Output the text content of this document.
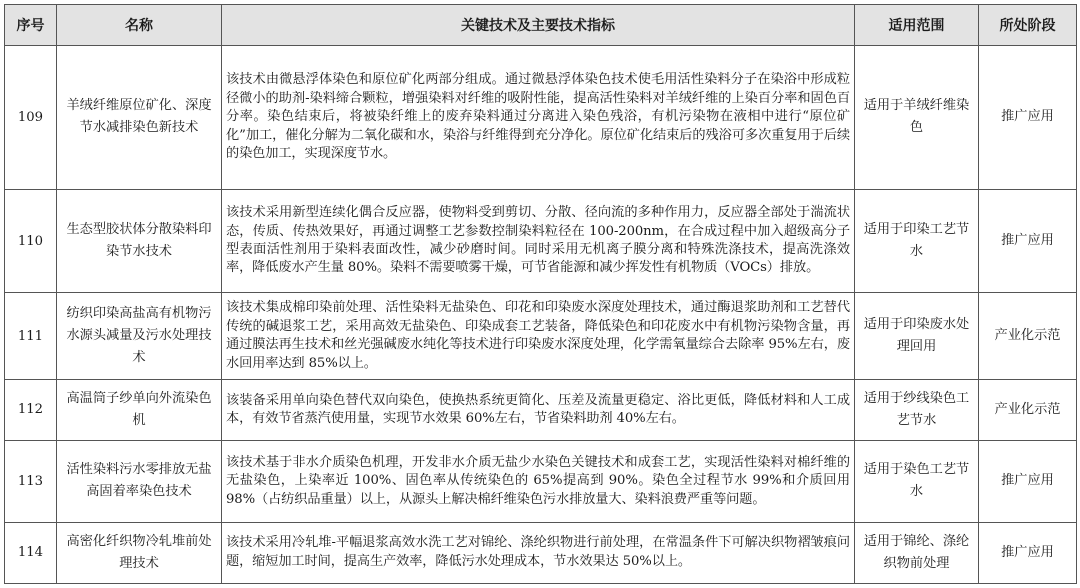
序号	名称	关键技术及主要技术指标	适用范围	所处阶段
109	羊绒纤维原位矿化、深度节水减排染色新技术	该技术由微悬浮体染色和原位矿化两部分组成。通过微悬浮体染色技术使毛用活性染料分子在染浴中形成粒径微小的助剂-染料缔合颗粒，增强染料对纤维的吸附性能，提高活性染料对羊绒纤维的上染百分率和固色百分率。染色结束后，将被染纤维上的废弃染料通过分离进入染色残浴，有机污染物在液相中进行“原位矿化”加工，催化分解为二氧化碳和水，染浴与纤维得到充分净化。原位矿化结束后的残浴可多次重复用于后续的染色加工，实现深度节水。	适用于羊绒纤维染色	推广应用
110	生态型胶状体分散染料印染节水技术	该技术采用新型连续化偶合反应器，使物料受到剪切、分散、径向流的多种作用力，反应器全部处于湍流状态，传质、传热效果好，再通过调整工艺参数控制染料粒径在 100-200nm，在合成过程中加入超级高分子型表面活性剂用于染料表面改性，减少砂磨时间。同时采用无机离子膜分离和特殊洗涤技术，提高洗涤效率，降低废水产生量 80%。染料不需要喷雾干燥，可节省能源和减少挥发性有机物质（VOCs）排放。	适用于印染工艺节水	推广应用
111	纺织印染高盐高有机物污水源头减量及污水处理技术	该技术集成棉印染前处理、活性染料无盐染色、印花和印染废水深度处理技术，通过酶退浆助剂和工艺替代传统的碱退浆工艺，采用高效无盐染色、印染成套工艺装备，降低染色和印花废水中有机物污染物含量，再通过膜法再生技术和丝光强碱废水纯化等技术进行印染废水深度处理，化学需氧量综合去除率 95%左右，废水回用率达到 85%以上。	适用于印染废水处理回用	产业化示范
112	高温筒子纱单向外流染色机	该装备采用单向染色替代双向染色，使换热系统更简化、压差及流量更稳定、浴比更低，降低材料和人工成本，有效节省蒸汽使用量，实现节水效果 60%左右，节省染料助剂 40%左右。	适用于纱线染色工艺节水	产业化示范
113	活性染料污水零排放无盐高固着率染色技术	该技术基于非水介质染色机理，开发非水介质无盐少水染色关键技术和成套工艺，实现活性染料对棉纤维的无盐染色，上染率近 100%、固色率从传统染色的 65%提高到 90%。染色全过程节水 99%和介质回用 98%（占纺织品重量）以上，从源头上解决棉纤维染色污水排放量大、染料浪费严重等问题。	适用于染色工艺节水	推广应用
114	高密化纤织物冷轧堆前处理技术	该技术采用冷轧堆-平幅退浆高效水洗工艺对锦纶、涤纶织物进行前处理，在常温条件下可解决织物褶皱痕问题，缩短加工时间，提高生产效率，降低污水处理成本，节水效果达 50%以上。	适用于锦纶、涤纶织物前处理	推广应用
